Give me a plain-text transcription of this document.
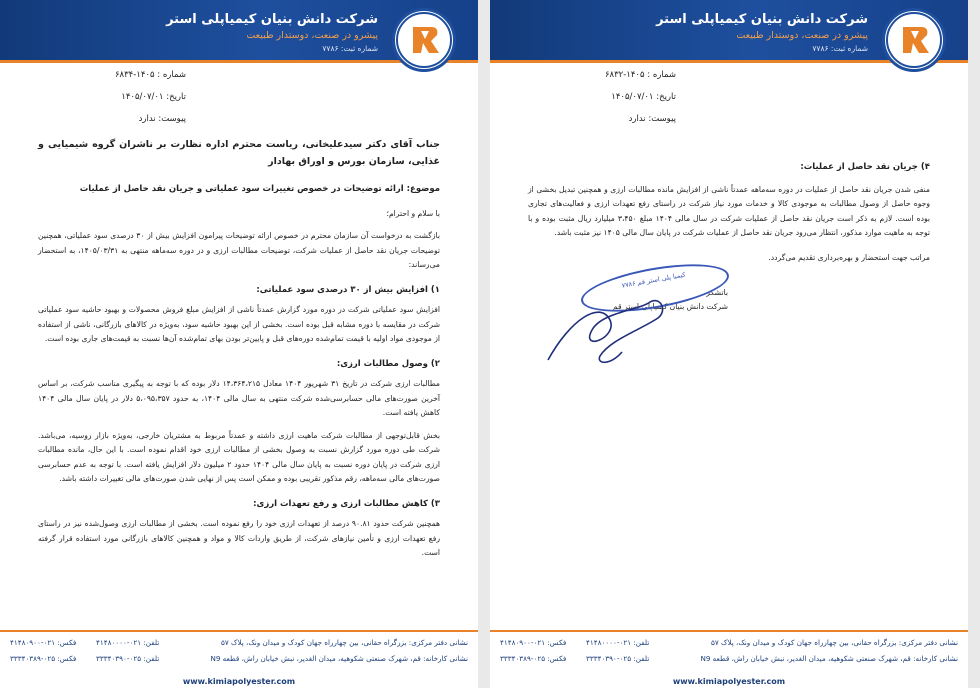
شرکت دانش بنیان کیمیاپلی استر
پیشرو در صنعت، دوستدار طبیعت
شماره ثبت: ۷۷۸۶
شماره : ۱۴۰۵-۶۸۳۴
تاریخ: ۱۴۰۵/۰۷/۰۱
پیوست: ندارد
جناب آقای دکتر سیدعلیخانی، ریاست محترم اداره نظارت بر ناشران گروه شیمیایی و غذایی، سازمان بورس و اوراق بهادار
موضوع: ارائه توضیحات در خصوص تغییرات سود عملیاتی و جریان نقد حاصل از عملیات
با سلام و احترام؛
بازگشت به درخواست آن سازمان محترم در خصوص ارائه توضیحات پیرامون افزایش بیش از ۳۰ درصدی سود عملیاتی، همچنین توضیحات جریان نقد حاصل از عملیات شرکت، توضیحات مطالبات ارزی و در دوره سه‌ماهه منتهی به ۱۴۰۵/۰۳/۳۱، به استحضار می‌رساند:
۱) افزایش بیش از ۳۰ درصدی سود عملیاتی:
افزایش سود عملیاتی شرکت در دوره مورد گزارش عمدتاً ناشی از افزایش مبلغ فروش محصولات و بهبود حاشیه سود عملیاتی شرکت در مقایسه با دوره مشابه قبل بوده است. بخشی از این بهبود حاشیه سود، به‌ویژه در کالاهای بازرگانی، ناشی از استفاده از موجودی مواد اولیه با قیمت تمام‌شده دوره‌های قبل و پایین‌تر بودن بهای تمام‌شده آن‌ها نسبت به قیمت‌های جاری بوده است.
۲) وصول مطالبات ارزی:
مطالبات ارزی شرکت در تاریخ ۳۱ شهریور ۱۴۰۴ معادل ۱۴،۳۶۴،۲۱۵ دلار بوده که با توجه به پیگیری مناسب شرکت، بر اساس آخرین صورت‌های مالی حسابرسی‌شده شرکت منتهی به سال مالی ۱۴۰۴، به حدود ۵،۰۹۵،۳۵۷ دلار در پایان سال مالی ۱۴۰۴ کاهش یافته است.
بخش قابل‌توجهی از مطالبات شرکت ماهیت ارزی داشته و عمدتاً مربوط به مشتریان خارجی، به‌ویژه بازار روسیه، می‌باشد. شرکت طی دوره مورد گزارش نسبت به وصول بخشی از مطالبات ارزی خود اقدام نموده است. با این حال، مانده مطالبات ارزی شرکت در پایان دوره نسبت به پایان سال مالی ۱۴۰۴ حدود ۲ میلیون دلار افزایش یافته است. با توجه به عدم حسابرسی صورت‌های مالی سه‌ماهه، رقم مذکور تقریبی بوده و ممکن است پس از نهایی شدن صورت‌های مالی تغییرات داشته باشد.
۳) کاهش مطالبات ارزی و رفع تعهدات ارزی:
همچنین شرکت حدود ۹۰.۸۱ درصد از تعهدات ارزی خود را رفع نموده است. بخشی از مطالبات ارزی وصول‌شده نیز در راستای رفع تعهدات ارزی و تأمین نیازهای شرکت، از طریق واردات کالا و مواد و همچنین کالاهای بازرگانی مورد استفاده قرار گرفته است.
نشانی دفتر مرکزی: بزرگراه حقانی، بین چهارراه جهان کودک و میدان ونک، پلاک ۵۷
تلفن: ۰۲۱-۴۱۴۸۰۰۰۰
فکس: ۰۲۱-۴۱۴۸۰۹۰۰
نشانی کارخانه: قم، شهرک صنعتی شکوهیه، میدان الغدیر، نبش خیابان راش، قطعه N9
تلفن: ۰۲۵-۳۳۳۴۰۳۹۰
فکس: ۰۲۵-۳۳۳۴۰۳۸۹
www.kimiapolyester.com
شرکت دانش بنیان کیمیاپلی استر
پیشرو در صنعت، دوستدار طبیعت
شماره ثبت: ۷۷۸۶
شماره : ۱۴۰۵-۶۸۳۲
تاریخ: ۱۴۰۵/۰۷/۰۱
پیوست: ندارد
۴) جریان نقد حاصل از عملیات:
منفی شدن جریان نقد حاصل از عملیات در دوره سه‌ماهه عمدتاً ناشی از افزایش مانده مطالبات ارزی و همچنین تبدیل بخشی از وجوه حاصل از وصول مطالبات به موجودی کالا و خدمات مورد نیاز شرکت در راستای رفع تعهدات ارزی و فعالیت‌های تجاری بوده است. لازم به ذکر است جریان نقد حاصل از عملیات شرکت در سال مالی ۱۴۰۴ مبلغ ۳،۴۵۰ میلیارد ریال مثبت بوده و با توجه به ماهیت موارد مذکور، انتظار می‌رود جریان نقد حاصل از عملیات شرکت در پایان سال مالی ۱۴۰۵ نیز مثبت باشد.
مراتب جهت استحضار و بهره‌برداری تقدیم می‌گردد.
باتشکر
شرکت دانش بنیان کیمیاپلی استر قم
کیمیا پلی استر قم ۷۷۸۶
نشانی دفتر مرکزی: بزرگراه حقانی، بین چهارراه جهان کودک و میدان ونک، پلاک ۵۷
تلفن: ۰۲۱-۴۱۴۸۰۰۰۰
فکس: ۰۲۱-۴۱۴۸۰۹۰۰
نشانی کارخانه: قم، شهرک صنعتی شکوهیه، میدان الغدیر، نبش خیابان راش، قطعه N9
تلفن: ۰۲۵-۳۳۳۴۰۳۹۰
فکس: ۰۲۵-۳۳۳۴۰۳۸۹
www.kimiapolyester.com
